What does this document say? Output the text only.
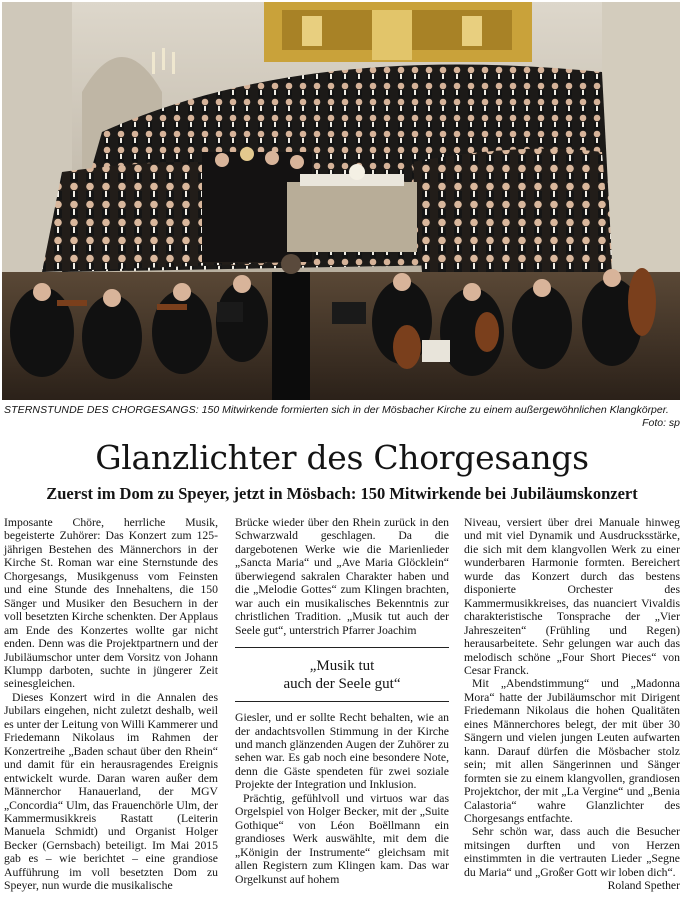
STERNSTUNDE DES CHORGESANGS: 150 Mitwirkende formierten sich in der Mösbacher Kirche zu einem außergewöhnlichen Klangkörper.
Foto: sp
Glanzlichter des Chorgesangs
Zuerst im Dom zu Speyer, jetzt in Mösbach: 150 Mitwirkende bei Jubiläumskonzert

Imposante Chöre, herrliche Musik, begeisterte Zuhörer: Das Konzert zum 125-jährigen Bestehen des Männerchors in der Kirche St. Roman war eine Sternstunde des Chorgesangs, Musikgenuss vom Feinsten und eine Stunde des Innehaltens, die 150 Sänger und Musiker den Besuchern in der voll besetzten Kirche schenkten. Der Applaus am Ende des Konzertes wollte gar nicht enden. Denn was die Projektpartnern und der Jubiläumschor unter dem Vorsitz von Johann Klumpp darboten, suchte in jüngerer Zeit seinesgleichen.

Dieses Konzert wird in die Annalen des Jubilars eingehen, nicht zuletzt deshalb, weil es unter der Leitung von Willi Kammerer und Friedemann Nikolaus im Rahmen der Konzertreihe „Baden schaut über den Rhein“ und damit für ein herausragendes Ereignis entwickelt wurde. Daran waren außer dem Männerchor Hanauerland, der MGV „Concordia“ Ulm, das Frauenchörle Ulm, der Kammermusikkreis Rastatt (Leiterin Manuela Schmidt) und Organist Holger Becker (Gernsbach) beteiligt. Im Mai 2015 gab es – wie berichtet – eine grandiose Aufführung im voll besetzten Dom zu Speyer, nun wurde die musikalische

Brücke wieder über den Rhein zurück in den Schwarzwald geschlagen. Da die dargebotenen Werke wie die Marienlieder „Sancta Maria“ und „Ave Maria Glöcklein“ überwiegend sakralen Charakter haben und die „Melodie Gottes“ zum Klingen brachten, war auch ein musikalisches Bekenntnis zur christlichen Tradition. „Musik tut auch der Seele gut“, unterstrich Pfarrer Joachim

„Musik tut
auch der Seele gut“

Giesler, und er sollte Recht behalten, wie an der andachtsvollen Stimmung in der Kirche und manch glänzenden Augen der Zuhörer zu sehen war. Es gab noch eine besondere Note, denn die Gäste spendeten für zwei soziale Projekte der Integration und Inklusion.

Prächtig, gefühlvoll und virtuos war das Orgelspiel von Holger Becker, mit der „Suite Gothique“ von Léon Boëllmann ein grandioses Werk auswählte, mit dem die „Königin der Instrumente“ gleichsam mit allen Registern zum Klingen kam. Das war Orgelkunst auf hohem

Niveau, versiert über drei Manuale hinweg und mit viel Dynamik und Ausdrucksstärke, die sich mit dem klangvollen Werk zu einer wunderbaren Harmonie formten. Bereichert wurde das Konzert durch das bestens disponierte Orchester des Kammermusikkreises, das nuanciert Vivaldis charakteristische Tonsprache der „Vier Jahreszeiten“ (Frühling und Regen) herausarbeitete. Sehr gelungen war auch das melodisch schöne „Four Short Pieces“ von Cesar Franck.

Mit „Abendstimmung“ und „Madonna Mora“ hatte der Jubiläumschor mit Dirigent Friedemann Nikolaus die hohen Qualitäten eines Männerchores belegt, der mit über 30 Sängern und vielen jungen Leuten aufwarten kann. Darauf dürfen die Mösbacher stolz sein; mit allen Sängerinnen und Sänger formten sie zu einem klangvollen, grandiosen Projektchor, der mit „La Vergine“ und „Benia Calastoria“ wahre Glanzlichter des Chorgesangs entfachte.

Sehr schön war, dass auch die Besucher mitsingen durften und von Herzen einstimmten in die vertrauten Lieder „Segne du Maria“ und „Großer Gott wir loben dich“.
Roland Spether
